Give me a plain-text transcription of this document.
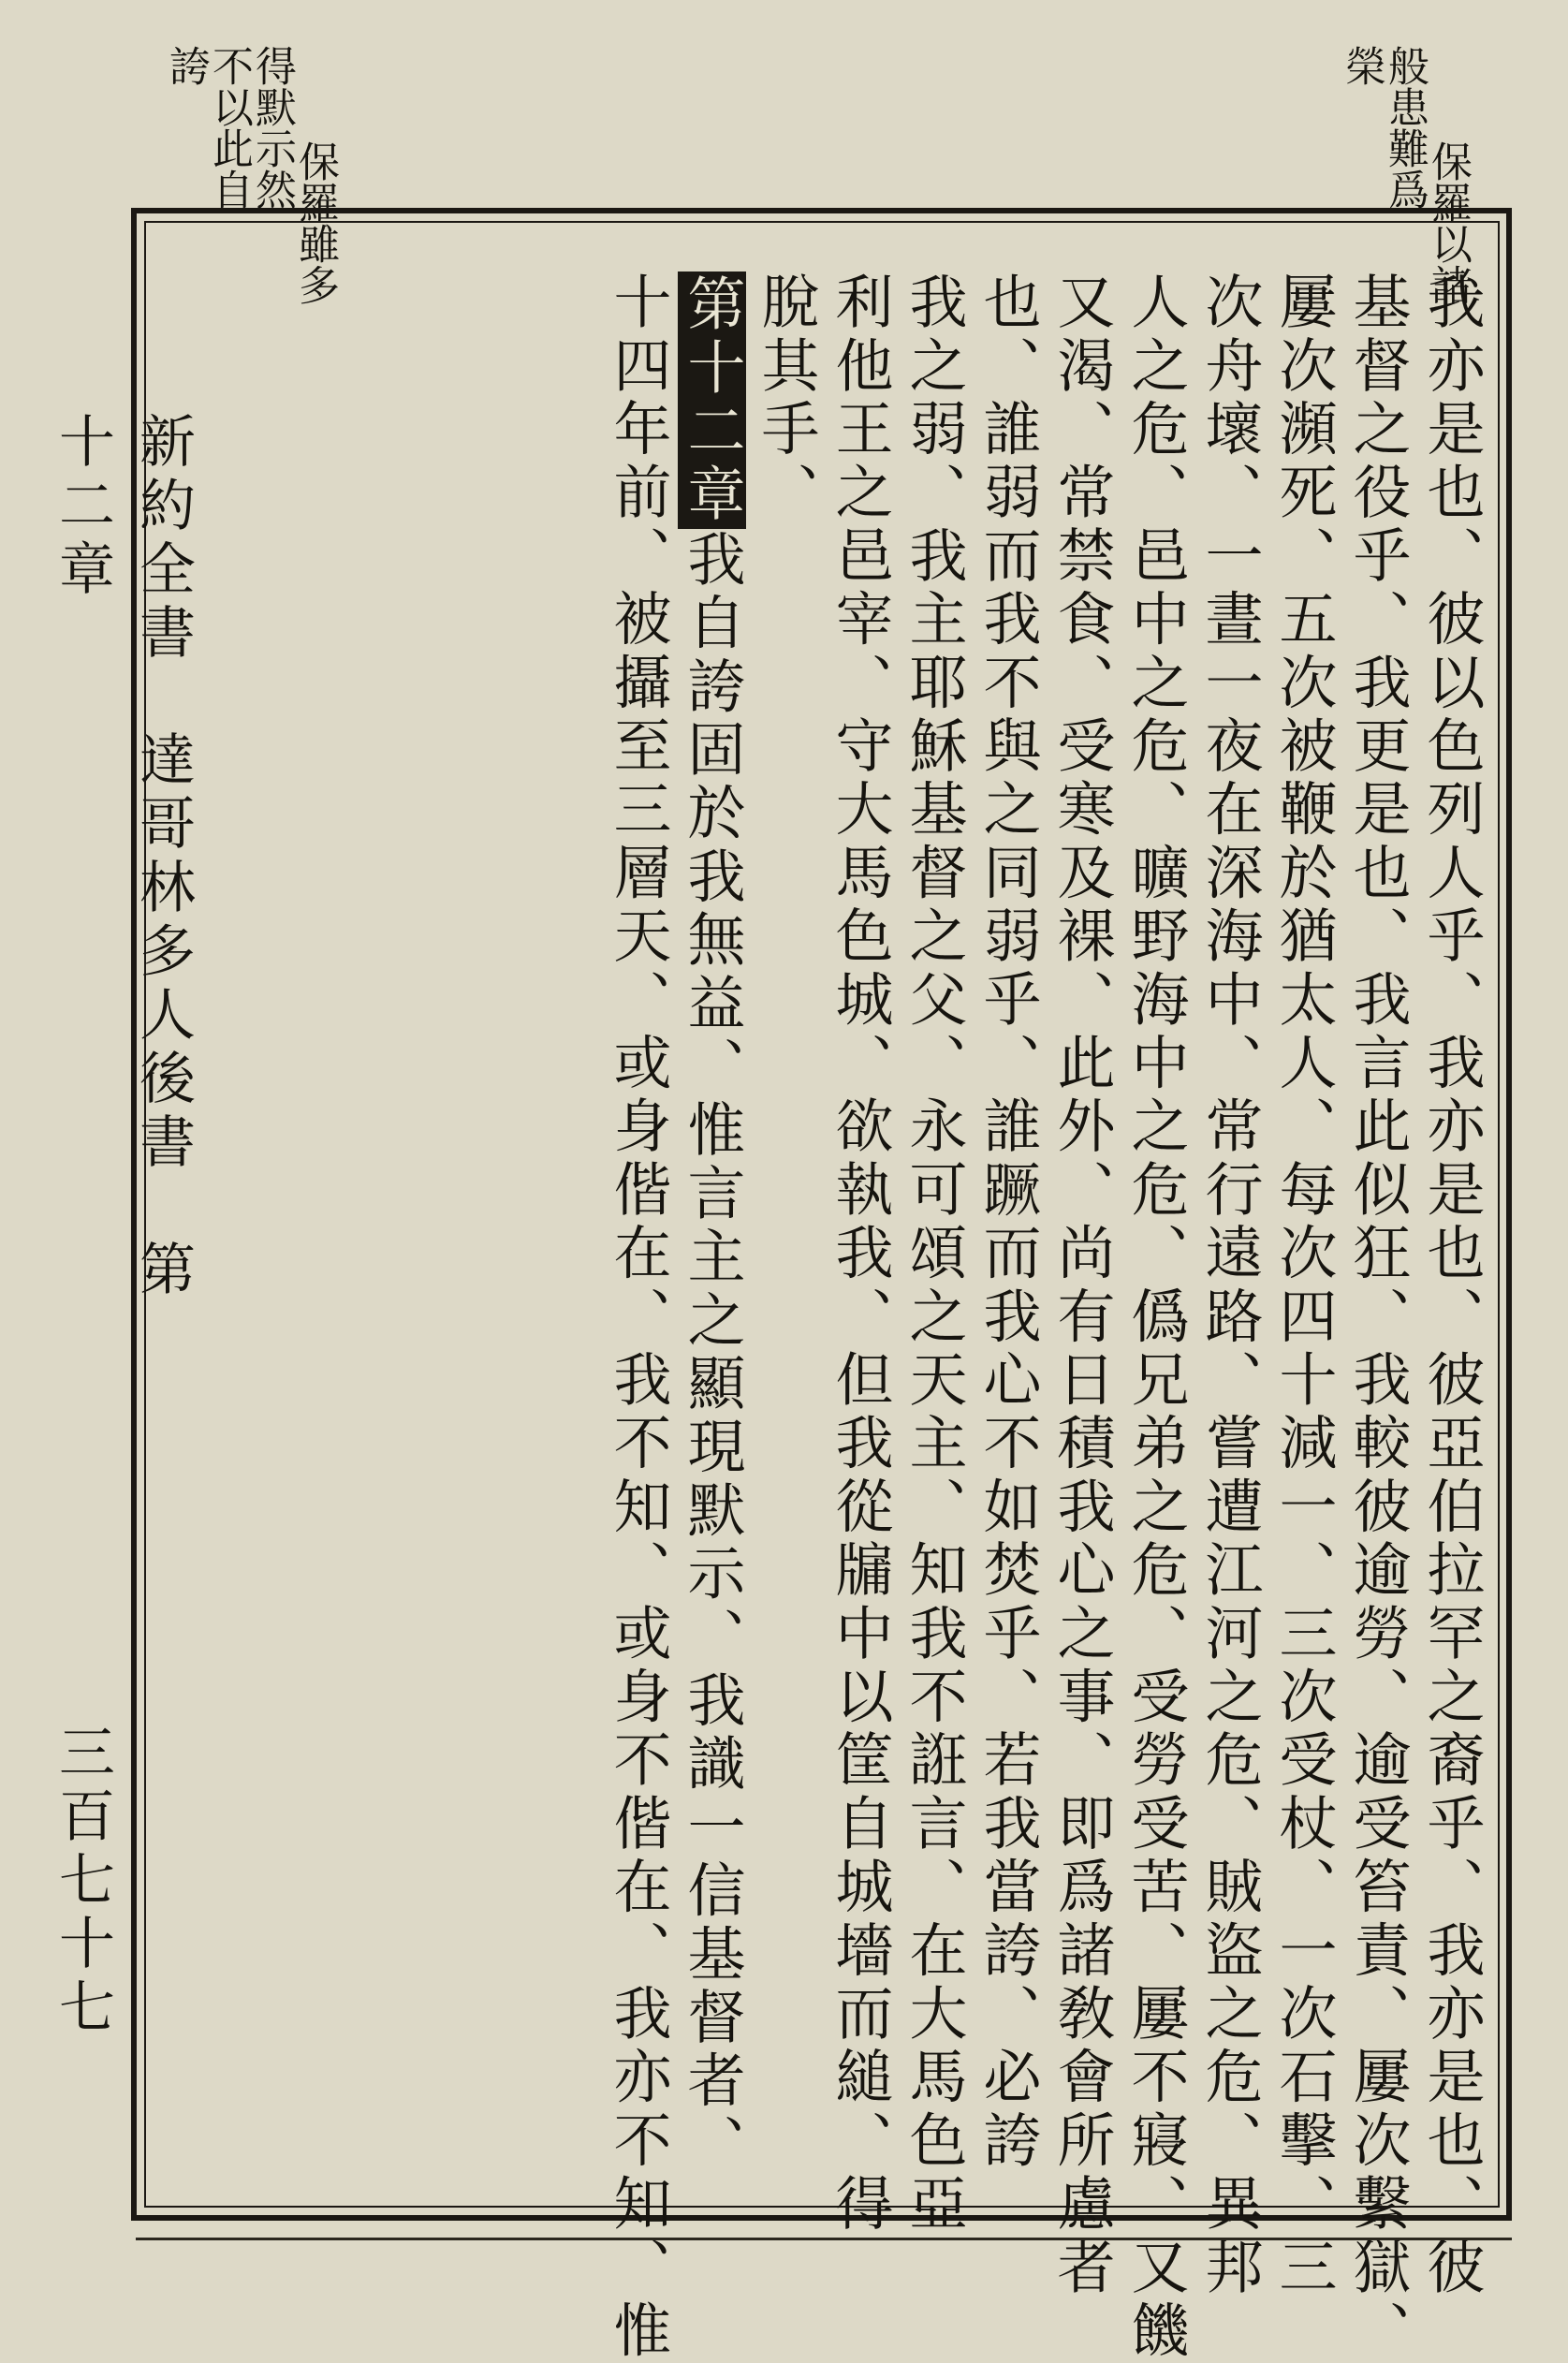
保羅以諸
般患難爲
榮

保羅雖多
得默示然
不以此自
誇

我亦是也、彼以色列人乎、我亦是也、彼亞伯拉罕之裔乎、我亦是也、彼
基督之役乎、我更是也、我言此似狂、我較彼逾勞、逾受笞責、屢次繫獄、
屢次瀕死、五次被鞭於猶太人、每次四十減一、三次受杖、一次石擊、三
次舟壞、一晝一夜在深海中、常行遠路、嘗遭江河之危、賊盜之危、異邦
人之危、邑中之危、曠野海中之危、僞兄弟之危、受勞受苦、屢不寢、又饑
又渴、常禁食、受寒及裸、此外、尚有日積我心之事、即爲諸敎會所慮者
也、誰弱而我不與之同弱乎、誰蹶而我心不如焚乎、若我當誇、必誇
我之弱、我主耶穌基督之父、永可頌之天主、知我不誑言、在大馬色亞
利他王之邑宰、守大馬色城、欲執我、但我從牖中以筐自城墻而縋、得
脫其手、
第十二章我自誇固於我無益、惟言主之顯現默示、我識一信基督者、
十四年前、被攝至三層天、或身偕在、我不知、或身不偕在、我亦不知、惟
新約全書　達哥林多人後書　第十二章
三百七十七
